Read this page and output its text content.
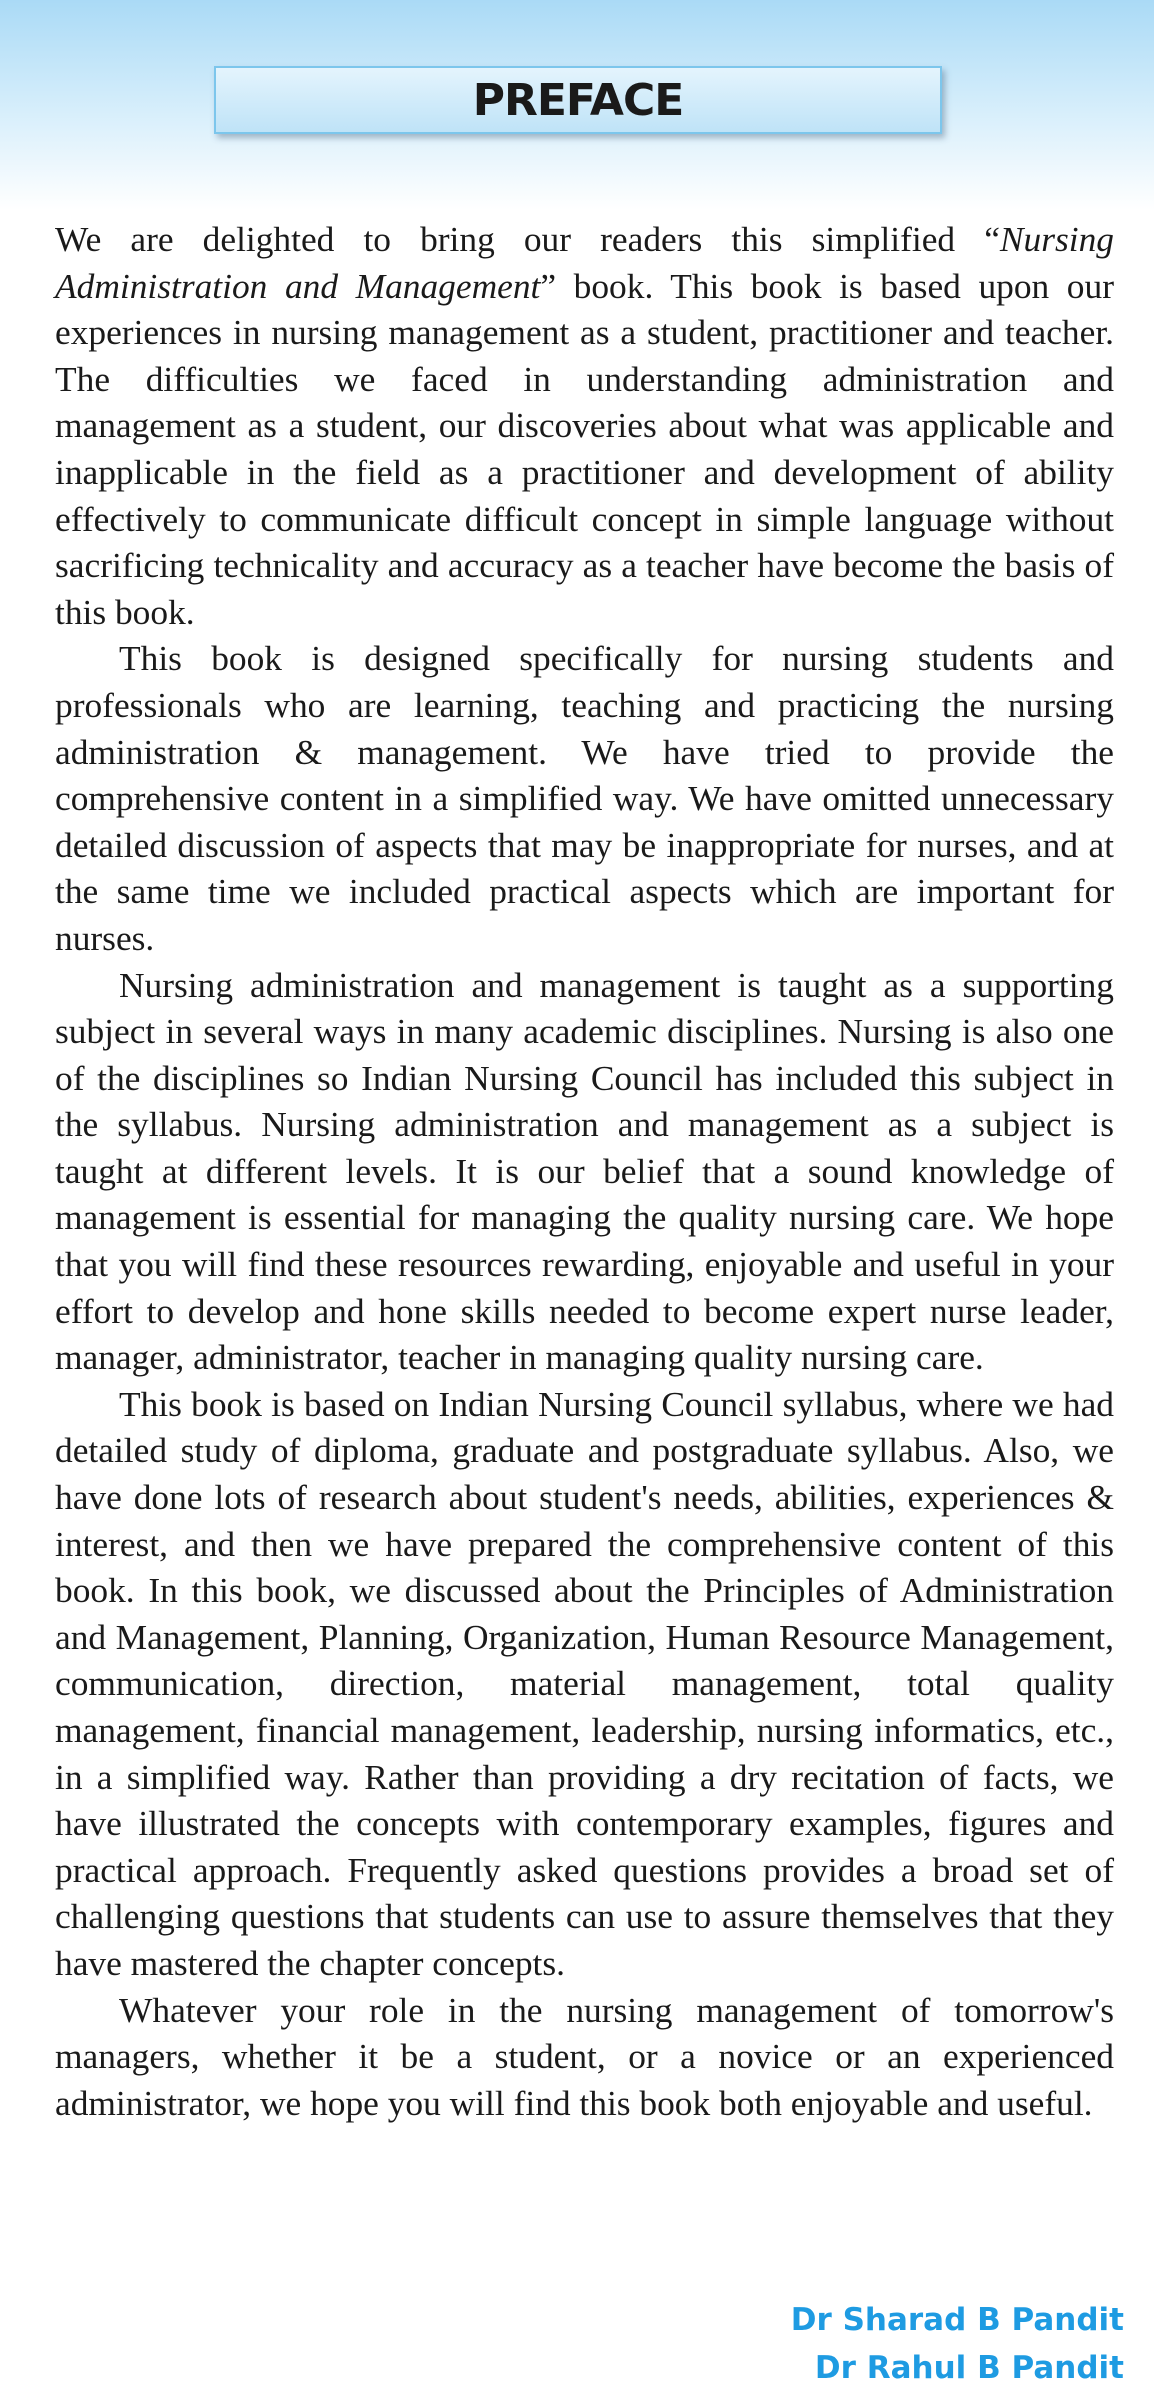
PREFACE

We are delighted to bring our readers this simplified “Nursing Administration and Management” book. This book is based upon our experiences in nursing management as a student, practitioner and teacher. The difficulties we faced in understanding administration and management as a student, our discoveries about what was applicable and inapplicable in the field as a practitioner and development of ability effectively to communicate difficult concept in simple language without sacrificing technicality and accuracy as a teacher have become the basis of this book.

This book is designed specifically for nursing students and professionals who are learning, teaching and practicing the nursing administration & management. We have tried to provide the comprehensive content in a simplified way. We have omitted unnecessary detailed discussion of aspects that may be inappropriate for nurses, and at the same time we included practical aspects which are important for nurses.

Nursing administration and management is taught as a supporting subject in several ways in many academic disciplines. Nursing is also one of the disciplines so Indian Nursing Council has included this subject in the syllabus. Nursing administration and management as a subject is taught at different levels. It is our belief that a sound knowledge of management is essential for managing the quality nursing care. We hope that you will find these resources rewarding, enjoyable and useful in your effort to develop and hone skills needed to become expert nurse leader, manager, administrator, teacher in managing quality nursing care.

This book is based on Indian Nursing Council syllabus, where we had detailed study of diploma, graduate and postgraduate syllabus. Also, we have done lots of research about student's needs, abilities, experiences & interest, and then we have prepared the comprehensive content of this book. In this book, we discussed about the Principles of Administration and Management, Planning, Organization, Human Resource Management, communication, direction, material management, total quality management, financial management, leadership, nursing informatics, etc., in a simplified way. Rather than providing a dry recitation of facts, we have illustrated the concepts with contemporary examples, figures and practical approach. Frequently asked questions provides a broad set of challenging questions that students can use to assure themselves that they have mastered the chapter concepts.

Whatever your role in the nursing management of tomorrow's managers, whether it be a student, or a novice or an experienced administrator, we hope you will find this book both enjoyable and useful.

Dr Sharad B Pandit
Dr Rahul B Pandit
